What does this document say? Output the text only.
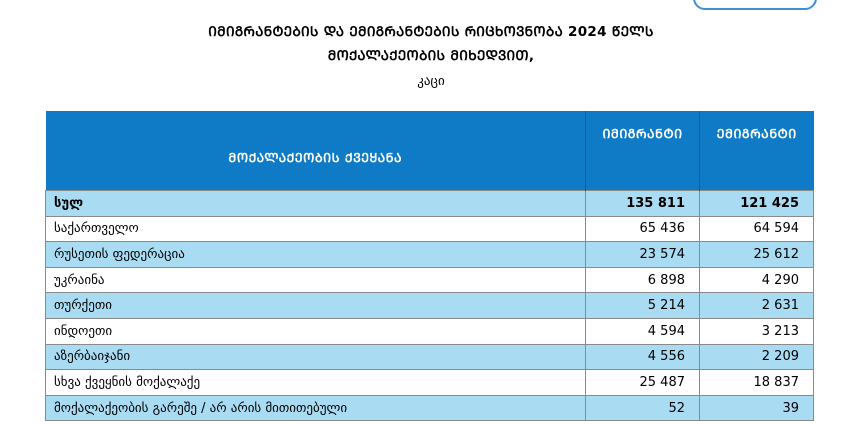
ᲘᲛᲘᲒᲠᲐᲜᲢᲔᲑᲘᲡ ᲓᲐ ᲔᲛᲘᲒᲠᲐᲜᲢᲔᲑᲘᲡ ᲠᲘᲪᲮᲝᲕᲜᲝᲑᲐ 2024 ᲬᲔᲚᲡ
ᲛᲝᲥᲐᲚᲐᲥᲔᲝᲑᲘᲡ ᲛᲘᲮᲔᲓᲕᲘᲗ,
კაცი
ᲛᲝᲥᲐᲚᲐᲥᲔᲝᲑᲘᲡ ᲥᲕᲔᲧᲐᲜᲐ	ᲘᲛᲘᲒᲠᲐᲜᲢᲘ	ᲔᲛᲘᲒᲠᲐᲜᲢᲘ
სულ	135 811	121 425
საქართველო	65 436	64 594
რუსეთის ფედერაცია	23 574	25 612
უკრაინა	6 898	4 290
თურქეთი	5 214	2 631
ინდოეთი	4 594	3 213
აზერბაიჯანი	4 556	2 209
სხვა ქვეყნის მოქალაქე	25 487	18 837
მოქალაქეობის გარეშე / არ არის მითითებული	52	39
